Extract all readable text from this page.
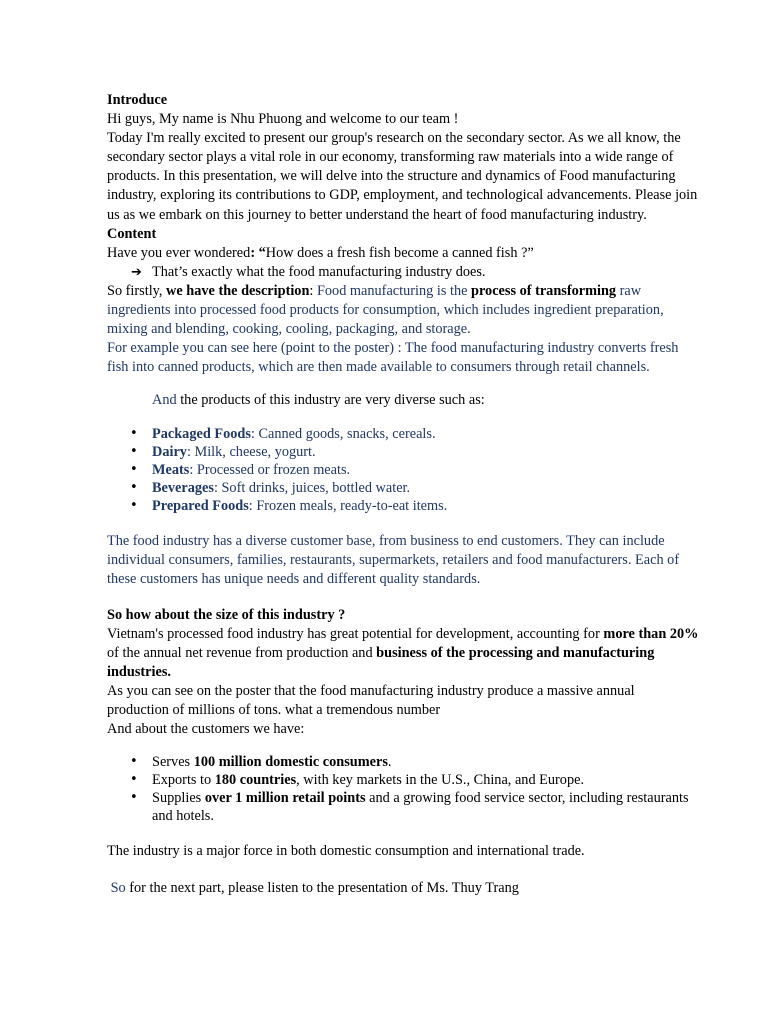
Introduce

Hi guys, My name is Nhu Phuong and welcome to our team !

Today I'm really excited to present our group's research on the secondary sector. As we all know, the secondary sector plays a vital role in our economy, transforming raw materials into a wide range of products. In this presentation, we will delve into the structure and dynamics of Food manufacturing industry, exploring its contributions to GDP, employment, and technological advancements. Please join us as we embark on this journey to better understand the heart of food manufacturing industry.

Content

Have you ever wondered: “How does a fresh fish become a canned fish ?”

➔ That’s exactly what the food manufacturing industry does.

So firstly, we have the description: Food manufacturing is the process of transforming raw ingredients into processed food products for consumption, which includes ingredient preparation, mixing and blending, cooking, cooling, packaging, and storage.

For example you can see here (point to the poster) : The food manufacturing industry converts fresh fish into canned products, which are then made available to consumers through retail channels.

And the products of this industry are very diverse such as:

• Packaged Foods: Canned goods, snacks, cereals.
• Dairy: Milk, cheese, yogurt.
• Meats: Processed or frozen meats.
• Beverages: Soft drinks, juices, bottled water.
• Prepared Foods: Frozen meals, ready-to-eat items.

The food industry has a diverse customer base, from business to end customers. They can include individual consumers, families, restaurants, supermarkets, retailers and food manufacturers. Each of these customers has unique needs and different quality standards.

So how about the size of this industry ?

Vietnam's processed food industry has great potential for development, accounting for more than 20% of the annual net revenue from production and business of the processing and manufacturing industries.

As you can see on the poster that the food manufacturing industry produce a massive annual production of millions of tons. what a tremendous number

And about the customers we have:

• Serves 100 million domestic consumers.
• Exports to 180 countries, with key markets in the U.S., China, and Europe.
• Supplies over 1 million retail points and a growing food service sector, including restaurants and hotels.

The industry is a major force in both domestic consumption and international trade.

So for the next part, please listen to the presentation of Ms. Thuy Trang
